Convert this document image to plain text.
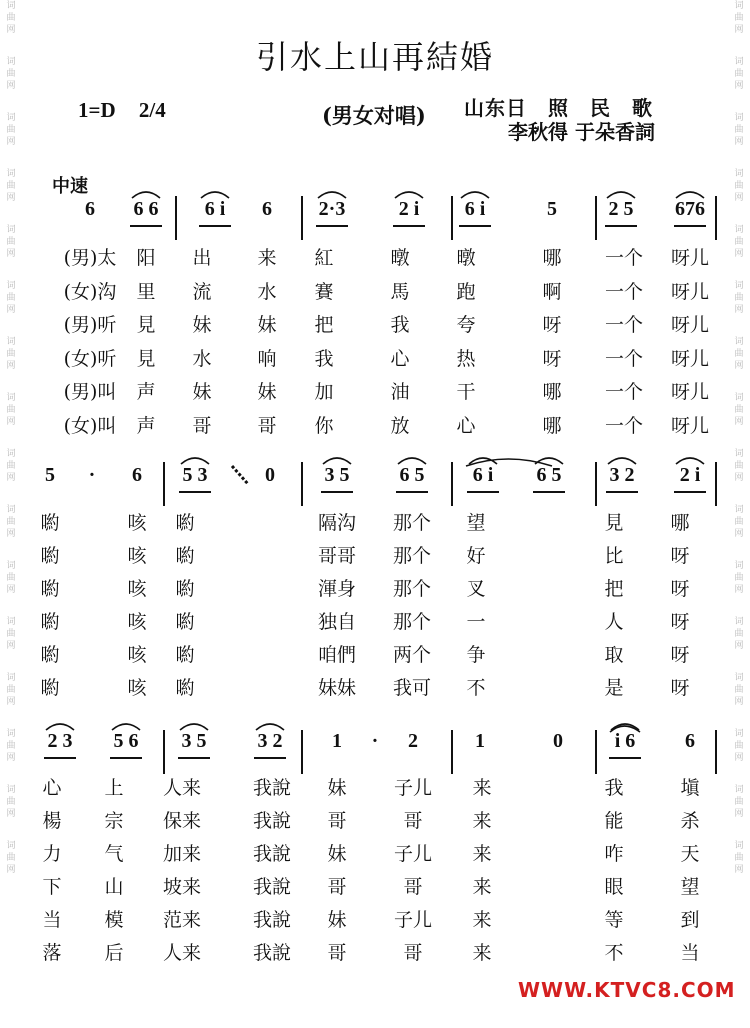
词曲网
词曲网
词曲网
词曲网
词曲网
词曲网
词曲网
词曲网
词曲网
词曲网
词曲网
词曲网
词曲网
词曲网
词曲网
词曲网
词曲网
词曲网
词曲网
词曲网
词曲网
词曲网
词曲网
词曲网
词曲网
词曲网
词曲网
词曲网
词曲网
词曲网
词曲网
词曲网
引水上山再結婚
1=D 2/4	(男女对唱) 山东日　照　民　歌
李秋得 于朵香詞
中速
6	6 6	6 i	6	2·3	2 i	6 i	5	2 5	676
(男)太	阳	出	来	紅	暾	暾	哪	一个	呀儿
(女)沟	里	流	水	賽	馬	跑	啊	一个	呀儿
(男)听	見	妹	妹	把	我	夸	呀	一个	呀儿
(女)听	見	水	响	我	心	热	呀	一个	呀儿
(男)叫	声	妹	妹	加	油	干	哪	一个	呀儿
(女)叫	声	哥	哥	你	放	心	哪	一个	呀儿
5	·	6	5 3	0	3 5	6 5	6 i	6 5	3 2	2 i
喲	咳	喲	隔沟	那个	望	見	哪
喲	咳	喲	哥哥	那个	好	比	呀
喲	咳	喲	渾身	那个	叉	把	呀
喲	咳	喲	独自	那个	一	人	呀
喲	咳	喲	咱們	两个	争	取	呀
喲	咳	喲	妹妹	我可	不	是	呀
2 3	5 6	3 5	3 2	1	·	2	1	0	i 6	6
心	上	人来	我說	妹	子儿	来	我	塡
楊	宗	保来	我說	哥	哥	来	能	杀
力	气	加来	我說	妹	子儿	来	咋	天
下	山	坡来	我說	哥	哥	来	眼	望
当	模	范来	我說	妹	子儿	来	等	到
落	后	人来	我說	哥	哥	来	不	当
WWW.KTVC8.COM
